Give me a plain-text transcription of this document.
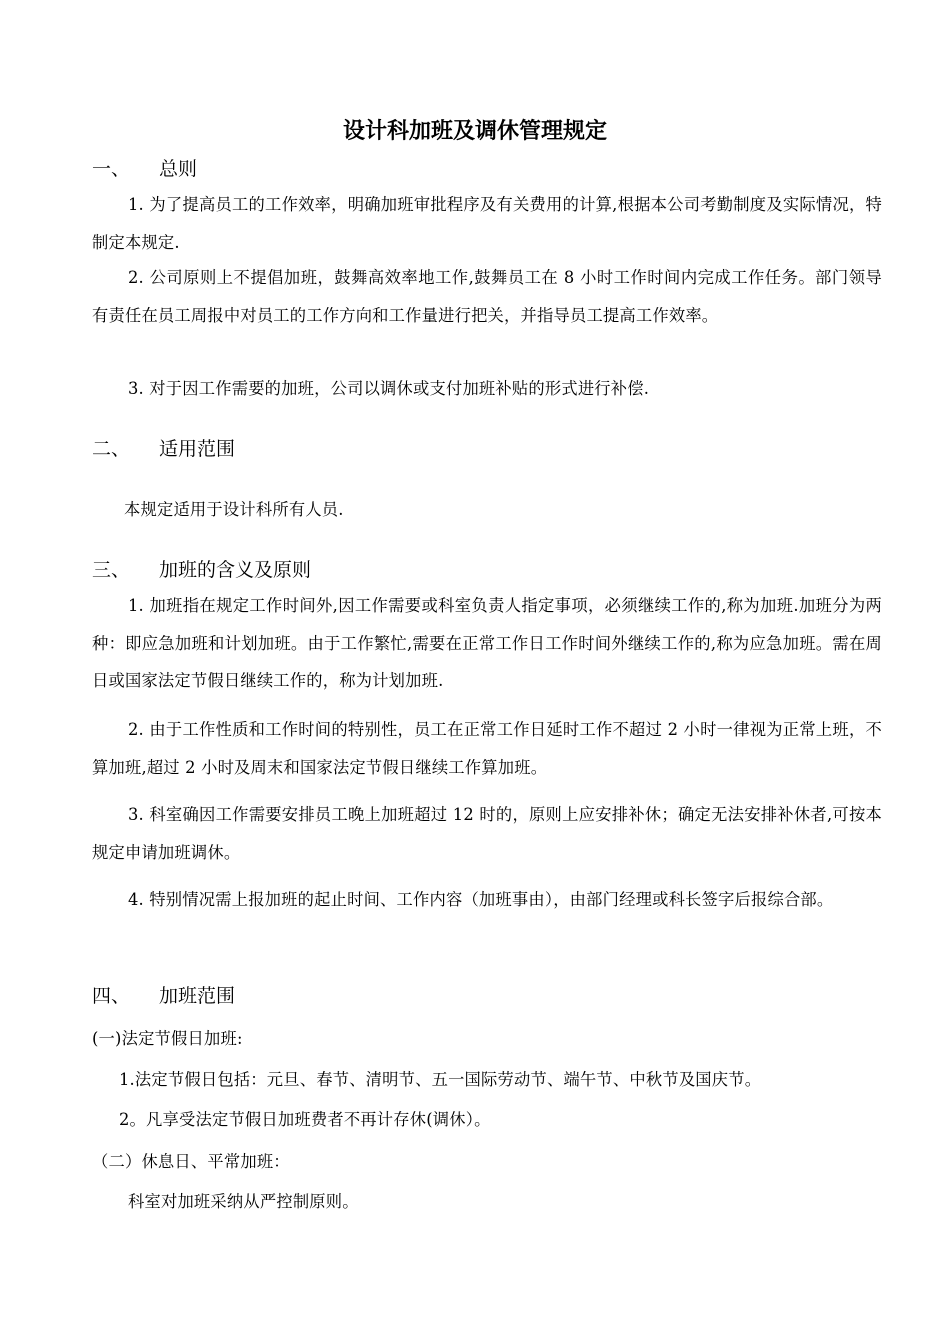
设计科加班及调休管理规定
一、 总则
1. 为了提高员工的工作效率，明确加班审批程序及有关费用的计算,根据本公司考勤制度及实际情况，特制定本规定.
2. 公司原则上不提倡加班，鼓舞高效率地工作,鼓舞员工在 8 小时工作时间内完成工作任务。部门领导有责任在员工周报中对员工的工作方向和工作量进行把关，并指导员工提高工作效率。
3. 对于因工作需要的加班，公司以调休或支付加班补贴的形式进行补偿.
二、 适用范围
本规定适用于设计科所有人员.
三、 加班的含义及原则
1. 加班指在规定工作时间外,因工作需要或科室负责人指定事项，必须继续工作的,称为加班.加班分为两种：即应急加班和计划加班。由于工作繁忙,需要在正常工作日工作时间外继续工作的,称为应急加班。需在周日或国家法定节假日继续工作的，称为计划加班.
2. 由于工作性质和工作时间的特别性，员工在正常工作日延时工作不超过 2 小时一律视为正常上班，不算加班,超过 2 小时及周末和国家法定节假日继续工作算加班。
3. 科室确因工作需要安排员工晚上加班超过 12 时的，原则上应安排补休；确定无法安排补休者,可按本规定申请加班调休。
4. 特别情况需上报加班的起止时间、工作内容（加班事由），由部门经理或科长签字后报综合部。
四、 加班范围
(一)法定节假日加班:
1.法定节假日包括：元旦、春节、清明节、五一国际劳动节、端午节、中秋节及国庆节。
2。凡享受法定节假日加班费者不再计存休(调休）。
（二）休息日、平常加班：
科室对加班采纳从严控制原则。
